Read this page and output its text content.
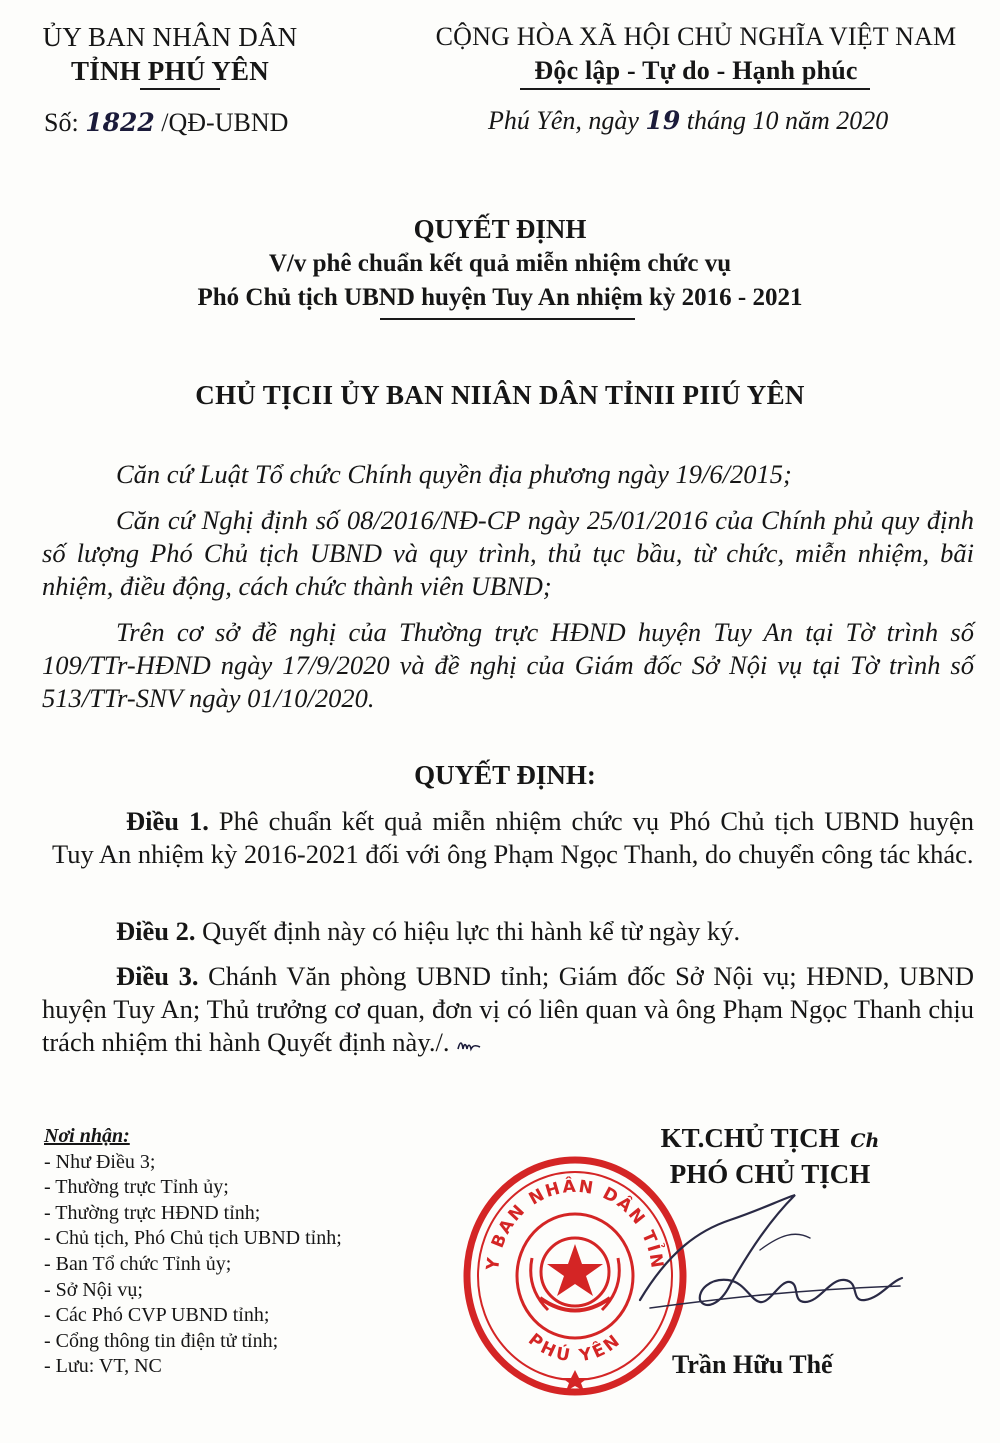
ỦY BAN NHÂN DÂN
TỈNH PHÚ YÊN
Số: 1822 /QĐ-UBND
CỘNG HÒA XÃ HỘI CHỦ NGHĨA VIỆT NAM
Độc lập - Tự do - Hạnh phúc
Phú Yên, ngày 19 tháng 10 năm 2020
QUYẾT ĐỊNH
V/v phê chuẩn kết quả miễn nhiệm chức vụ
Phó Chủ tịch UBND huyện Tuy An nhiệm kỳ 2016 - 2021
CHỦ TỊCII ỦY BAN NIIÂN DÂN TỈNII PIIÚ YÊN
Căn cứ Luật Tổ chức Chính quyền địa phương ngày 19/6/2015;
Căn cứ Nghị định số 08/2016/NĐ-CP ngày 25/01/2016 của Chính phủ quy định số lượng Phó Chủ tịch UBND và quy trình, thủ tục bầu, từ chức, miễn nhiệm, bãi nhiệm, điều động, cách chức thành viên UBND;
Trên cơ sở đề nghị của Thường trực HĐND huyện Tuy An tại Tờ trình số 109/TTr-HĐND ngày 17/9/2020 và đề nghị của Giám đốc Sở Nội vụ tại Tờ trình số 513/TTr-SNV ngày 01/10/2020.
QUYẾT ĐỊNH:
Điều 1. Phê chuẩn kết quả miễn nhiệm chức vụ Phó Chủ tịch UBND huyện Tuy An nhiệm kỳ 2016-2021 đối với ông Phạm Ngọc Thanh, do chuyển công tác khác.
Điều 2. Quyết định này có hiệu lực thi hành kể từ ngày ký.
Điều 3. Chánh Văn phòng UBND tỉnh; Giám đốc Sở Nội vụ; HĐND, UBND huyện Tuy An; Thủ trưởng cơ quan, đơn vị có liên quan và ông Phạm Ngọc Thanh chịu trách nhiệm thi hành Quyết định này./.
Nơi nhận:
- Như Điều 3;
- Thường trực Tỉnh ủy;
- Thường trực HĐND tỉnh;
- Chủ tịch, Phó Chủ tịch UBND tỉnh;
- Ban Tổ chức Tỉnh ủy;
- Sở Nội vụ;
- Các Phó CVP UBND tỉnh;
- Cổng thông tin điện tử tỉnh;
- Lưu: VT, NC
KT.CHỦ TỊCH Ch
PHÓ CHỦ TỊCH
Y BAN NHÂN DÂN TỈN
PHÚ YÊN
Trần Hữu Thế
